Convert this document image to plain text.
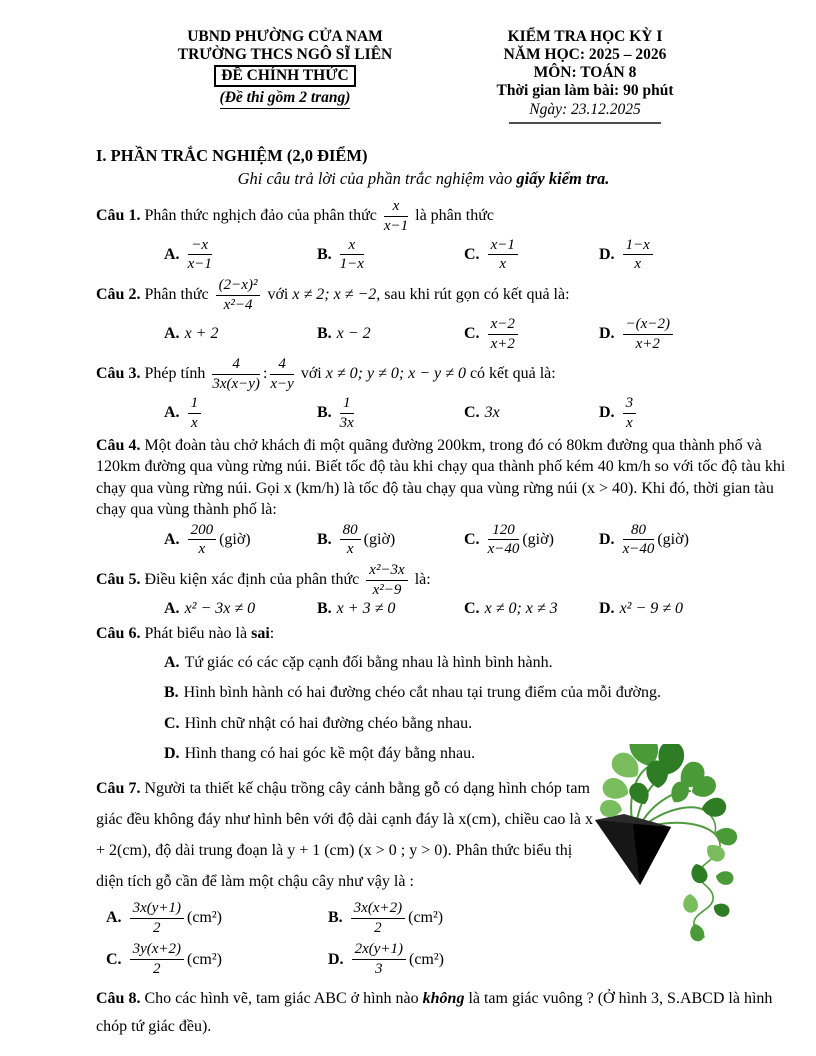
UBND PHƯỜNG CỬA NAM
TRƯỜNG THCS NGÔ SĨ LIÊN
ĐỀ CHÍNH THỨC
(Đề thi gồm 2 trang)
KIỂM TRA HỌC KỲ I
NĂM HỌC: 2025 – 2026
MÔN: TOÁN 8
Thời gian làm bài: 90 phút
Ngày: 23.12.2025
I. PHẦN TRẮC NGHIỆM (2,0 ĐIỂM)
Ghi câu trả lời của phần trắc nghiệm vào giấy kiểm tra.
Câu 1. Phân thức nghịch đảo của phân thức $\frac{x}{x-1}$ là phân thức
A. $\frac{-x}{x-1}$	B. $\frac{x}{1-x}$	C. $\frac{x-1}{x}$	D. $\frac{1-x}{x}$
Câu 2. Phân thức $\frac{\text{(2−x)²}}{\text{x²−4}}$ với x ≠ 2; x ≠ −2, sau khi rút gọn có kết quả là:
A. x + 2	B. x − 2	C. $\frac{x-2}{x+2}$	D. $\frac{-(x-2)}{x+2}$
Câu 3. Phép tính $\frac{4}{3x(x-y)}$ : $\frac{4}{x-y}$ với x ≠ 0; y ≠ 0; x − y ≠ 0 có kết quả là:
A. $\frac{1}{x}$	B. $\frac{1}{3x}$	C. 3x	D. $\frac{3}{x}$
Câu 4. Một đoàn tàu chở khách đi một quãng đường 200km, trong đó có 80km đường qua thành phố và 120km đường qua vùng rừng núi. Biết tốc độ tàu khi chạy qua thành phố kém 40 km/h so với tốc độ tàu khi chạy qua vùng rừng núi. Gọi x (km/h) là tốc độ tàu chạy qua vùng rừng núi (x > 40). Khi đó, thời gian tàu chạy qua vùng thành phố là:
A. $\frac{200}{x}$ (giờ)	B. $\frac{80}{x}$ (giờ)	C. $\frac{120}{x-40}$ (giờ)	D. $\frac{80}{x-40}$ (giờ)
Câu 5. Điều kiện xác định của phân thức $\frac{\text{x²−3x}}{\text{x²−9}}$ là:
A. x² − 3x ≠ 0	B. x + 3 ≠ 0	C. x ≠ 0; x ≠ 3	D. x² − 9 ≠ 0
Câu 6. Phát biểu nào là sai:
A. Tứ giác có các cặp cạnh đối bằng nhau là hình bình hành.
B. Hình bình hành có hai đường chéo cắt nhau tại trung điểm của mỗi đường.
C. Hình chữ nhật có hai đường chéo bằng nhau.
D. Hình thang có hai góc kề một đáy bằng nhau.
Câu 7. Người ta thiết kế chậu trồng cây cảnh bằng gỗ có dạng hình chóp tam giác đều không đáy như hình bên với độ dài cạnh đáy là x(cm), chiều cao là x + 2(cm), độ dài trung đoạn là y + 1 (cm) (x > 0 ; y > 0). Phân thức biểu thị diện tích gỗ cần để làm một chậu cây như vậy là :
A. $\frac{3x(y+1)}{2} (cm^2)$	B. $\frac{3x(x+2)}{2} (cm^2)$
C. $\frac{3y(x+2)}{2} (cm^2)$	D. $\frac{2x(y+1)}{3} (cm^2)$
Câu 8. Cho các hình vẽ, tam giác ABC ở hình nào không là tam giác vuông ? (Ở hình 3, S.ABCD là hình chóp tứ giác đều).
